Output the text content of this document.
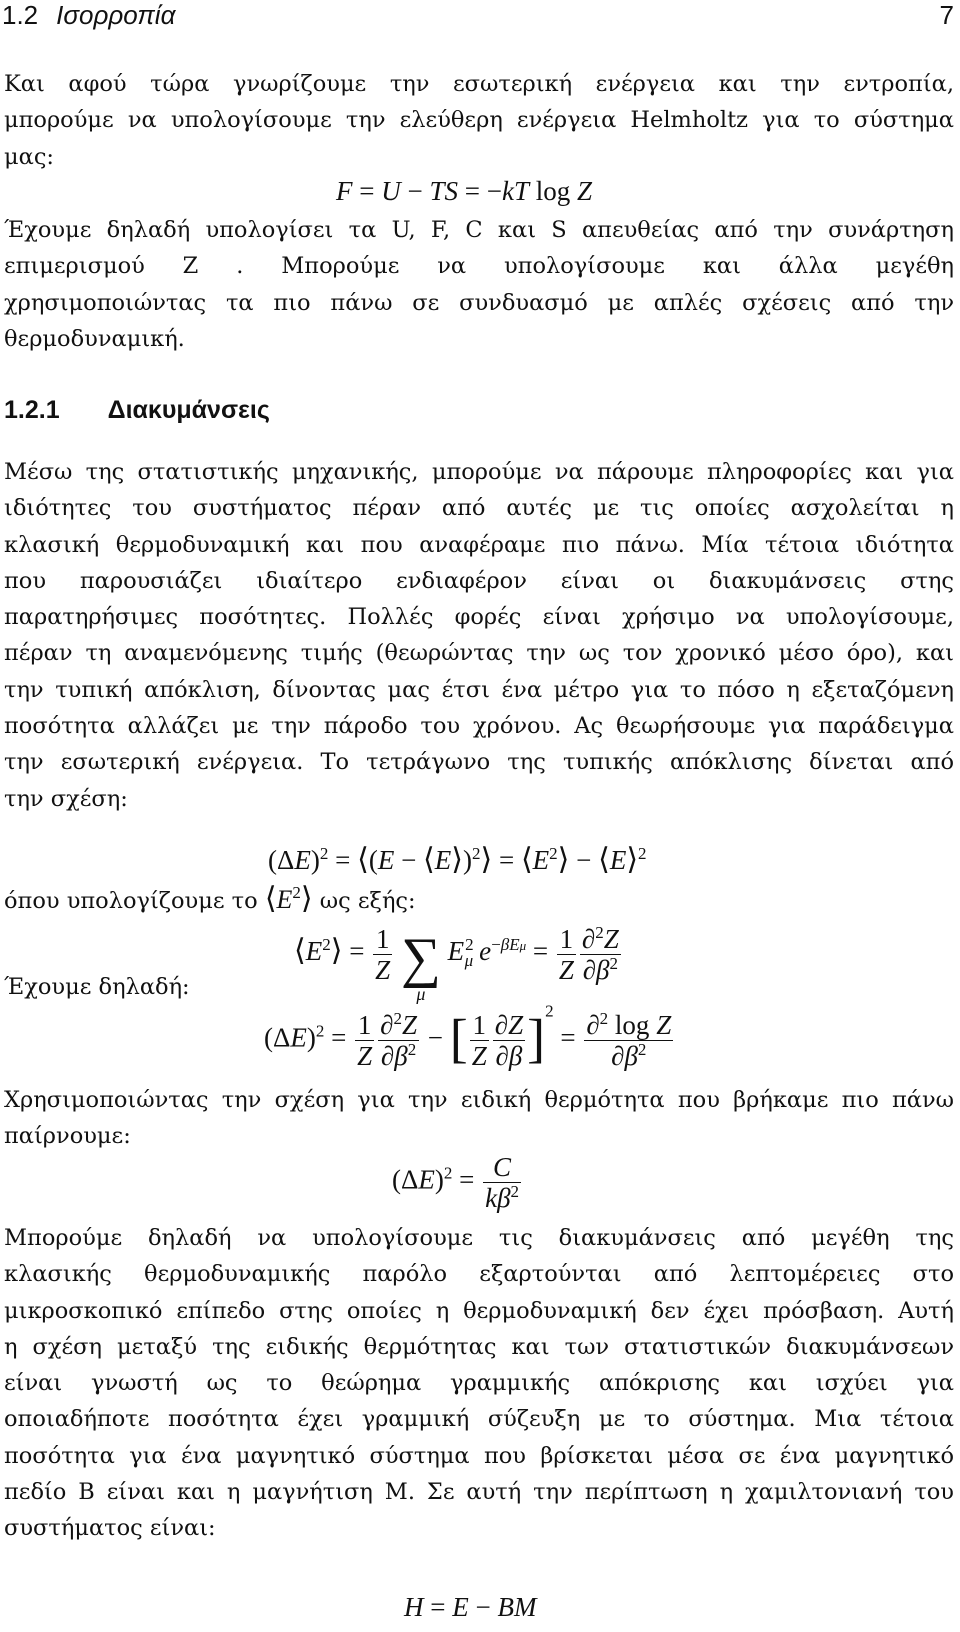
1.2 Ισορροπία	7

Και αφού τώρα γνωρίζουμε την εσωτερική ενέργεια και την εντροπία,

μπορούμε να υπολογίσουμε την ελεύθερη ενέργεια Helmholtz για το σύστημα

μας:

F = U − TS = −kT log Z

Έχουμε δηλαδή υπολογίσει τα U, F, C και S απευθείας από την συνάρτηση

επιμερισμού Z . Μπορούμε να υπολογίσουμε και άλλα μεγέθη

χρησιμοποιώντας τα πιο πάνω σε συνδυασμό με απλές σχέσεις από την

θερμοδυναμική.

1.2.1 Διακυμάνσεις

Μέσω της στατιστικής μηχανικής, μπορούμε να πάρουμε πληροφορίες και για

ιδιότητες του συστήματος πέραν από αυτές με τις οποίες ασχολείται η

κλασική θερμοδυναμική και που αναφέραμε πιο πάνω. Μία τέτοια ιδιότητα

που παρουσιάζει ιδιαίτερο ενδιαφέρον είναι οι διακυμάνσεις στης

παρατηρήσιμες ποσότητες. Πολλές φορές είναι χρήσιμο να υπολογίσουμε,

πέραν τη αναμενόμενης τιμής (θεωρώντας την ως τον χρονικό μέσο όρο), και

την τυπική απόκλιση, δίνοντας μας έτσι ένα μέτρο για το πόσο η εξεταζόμενη

ποσότητα αλλάζει με την πάροδο του χρόνου. Ας θεωρήσουμε για παράδειγμα

την εσωτερική ενέργεια. Το τετράγωνο της τυπικής απόκλισης δίνεται από

την σχέση:

$(\Delta E)^2$ = ⟨(E − ⟨E⟩)$^2$⟩ = $⟨E^2⟩$ − ⟨E⟩$^2$

όπου υπολογίζουμε το $⟨E^2⟩$ ως εξής:

$⟨E^2⟩ = \frac{1}{Z}$
∑
μ
$E^2_\mu$ $e^{-\beta E\mu} = \frac{1}{Z} \frac{\partial^2Z}{\partial\beta^2}$

Έχουμε δηλαδή:

$(\Delta E)^2 = \frac{1}{Z} \frac{\partial^2Z}{\partial\beta^2}$ − [ $\frac{1}{Z} \frac{\partial Z}{\partial\beta} ]^2 = \frac{\partial^2 \log Z}{\partial\beta^2}$

Χρησιμοποιώντας την σχέση για την ειδική θερμότητα που βρήκαμε πιο πάνω

παίρνουμε:

$(\Delta E)^2 = \frac{C}{k\beta^2}$

Μπορούμε δηλαδή να υπολογίσουμε τις διακυμάνσεις από μεγέθη της

κλασικής θερμοδυναμικής παρόλο εξαρτούνται από λεπτομέρειες στο

μικροσκοπικό επίπεδο στης οποίες η θερμοδυναμική δεν έχει πρόσβαση. Αυτή

η σχέση μεταξύ της ειδικής θερμότητας και των στατιστικών διακυμάνσεων

είναι γνωστή ως το θεώρημα γραμμικής απόκρισης και ισχύει για

οποιαδήποτε ποσότητα έχει γραμμική σύζευξη με το σύστημα. Μια τέτοια

ποσότητα για ένα μαγνητικό σύστημα που βρίσκεται μέσα σε ένα μαγνητικό

πεδίο B είναι και η μαγνήτιση M. Σε αυτή την περίπτωση η χαμιλτονιανή του

συστήματος είναι:

H = E − BM
